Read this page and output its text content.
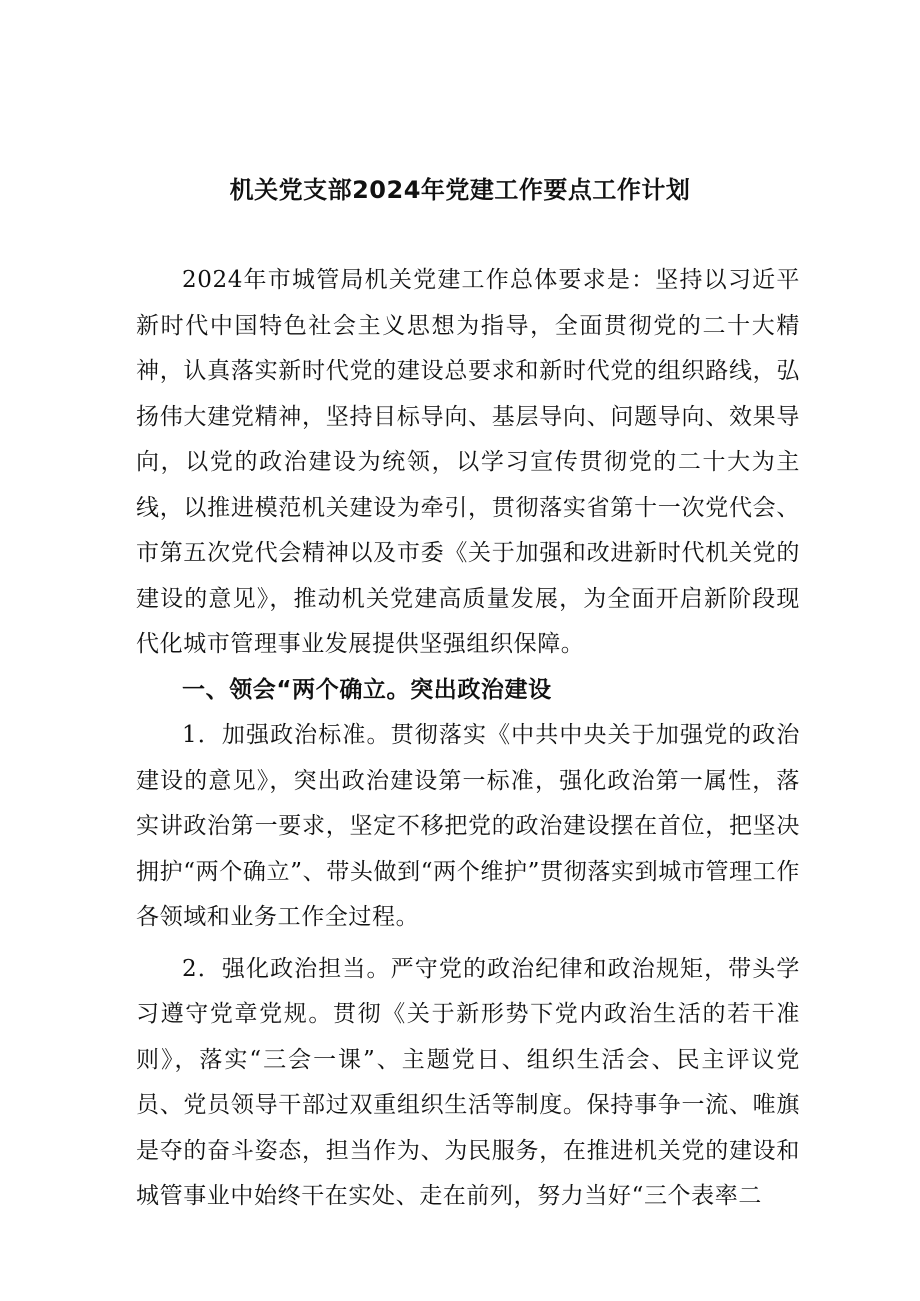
机关党支部2024年党建工作要点工作计划

2024年市城管局机关党建工作总体要求是：坚持以习近平新时代中国特色社会主义思想为指导，全面贯彻党的二十大精神，认真落实新时代党的建设总要求和新时代党的组织路线，弘扬伟大建党精神，坚持目标导向、基层导向、问题导向、效果导向，以党的政治建设为统领，以学习宣传贯彻党的二十大为主线，以推进模范机关建设为牵引，贯彻落实省第十一次党代会、市第五次党代会精神以及市委《关于加强和改进新时代机关党的建设的意见》，推动机关党建高质量发展，为全面开启新阶段现代化城市管理事业发展提供坚强组织保障。

一、领会“两个确立。突出政治建设

1．加强政治标准。贯彻落实《中共中央关于加强党的政治建设的意见》，突出政治建设第一标准，强化政治第一属性，落实讲政治第一要求，坚定不移把党的政治建设摆在首位，把坚决拥护“两个确立”、带头做到“两个维护”贯彻落实到城市管理工作各领域和业务工作全过程。

2．强化政治担当。严守党的政治纪律和政治规矩，带头学习遵守党章党规。贯彻《关于新形势下党内政治生活的若干准则》，落实“三会一课”、主题党日、组织生活会、民主评议党员、党员领导干部过双重组织生活等制度。保持事争一流、唯旗是夺的奋斗姿态，担当作为、为民服务，在推进机关党的建设和城管事业中始终干在实处、走在前列，努力当好“三个表率二
